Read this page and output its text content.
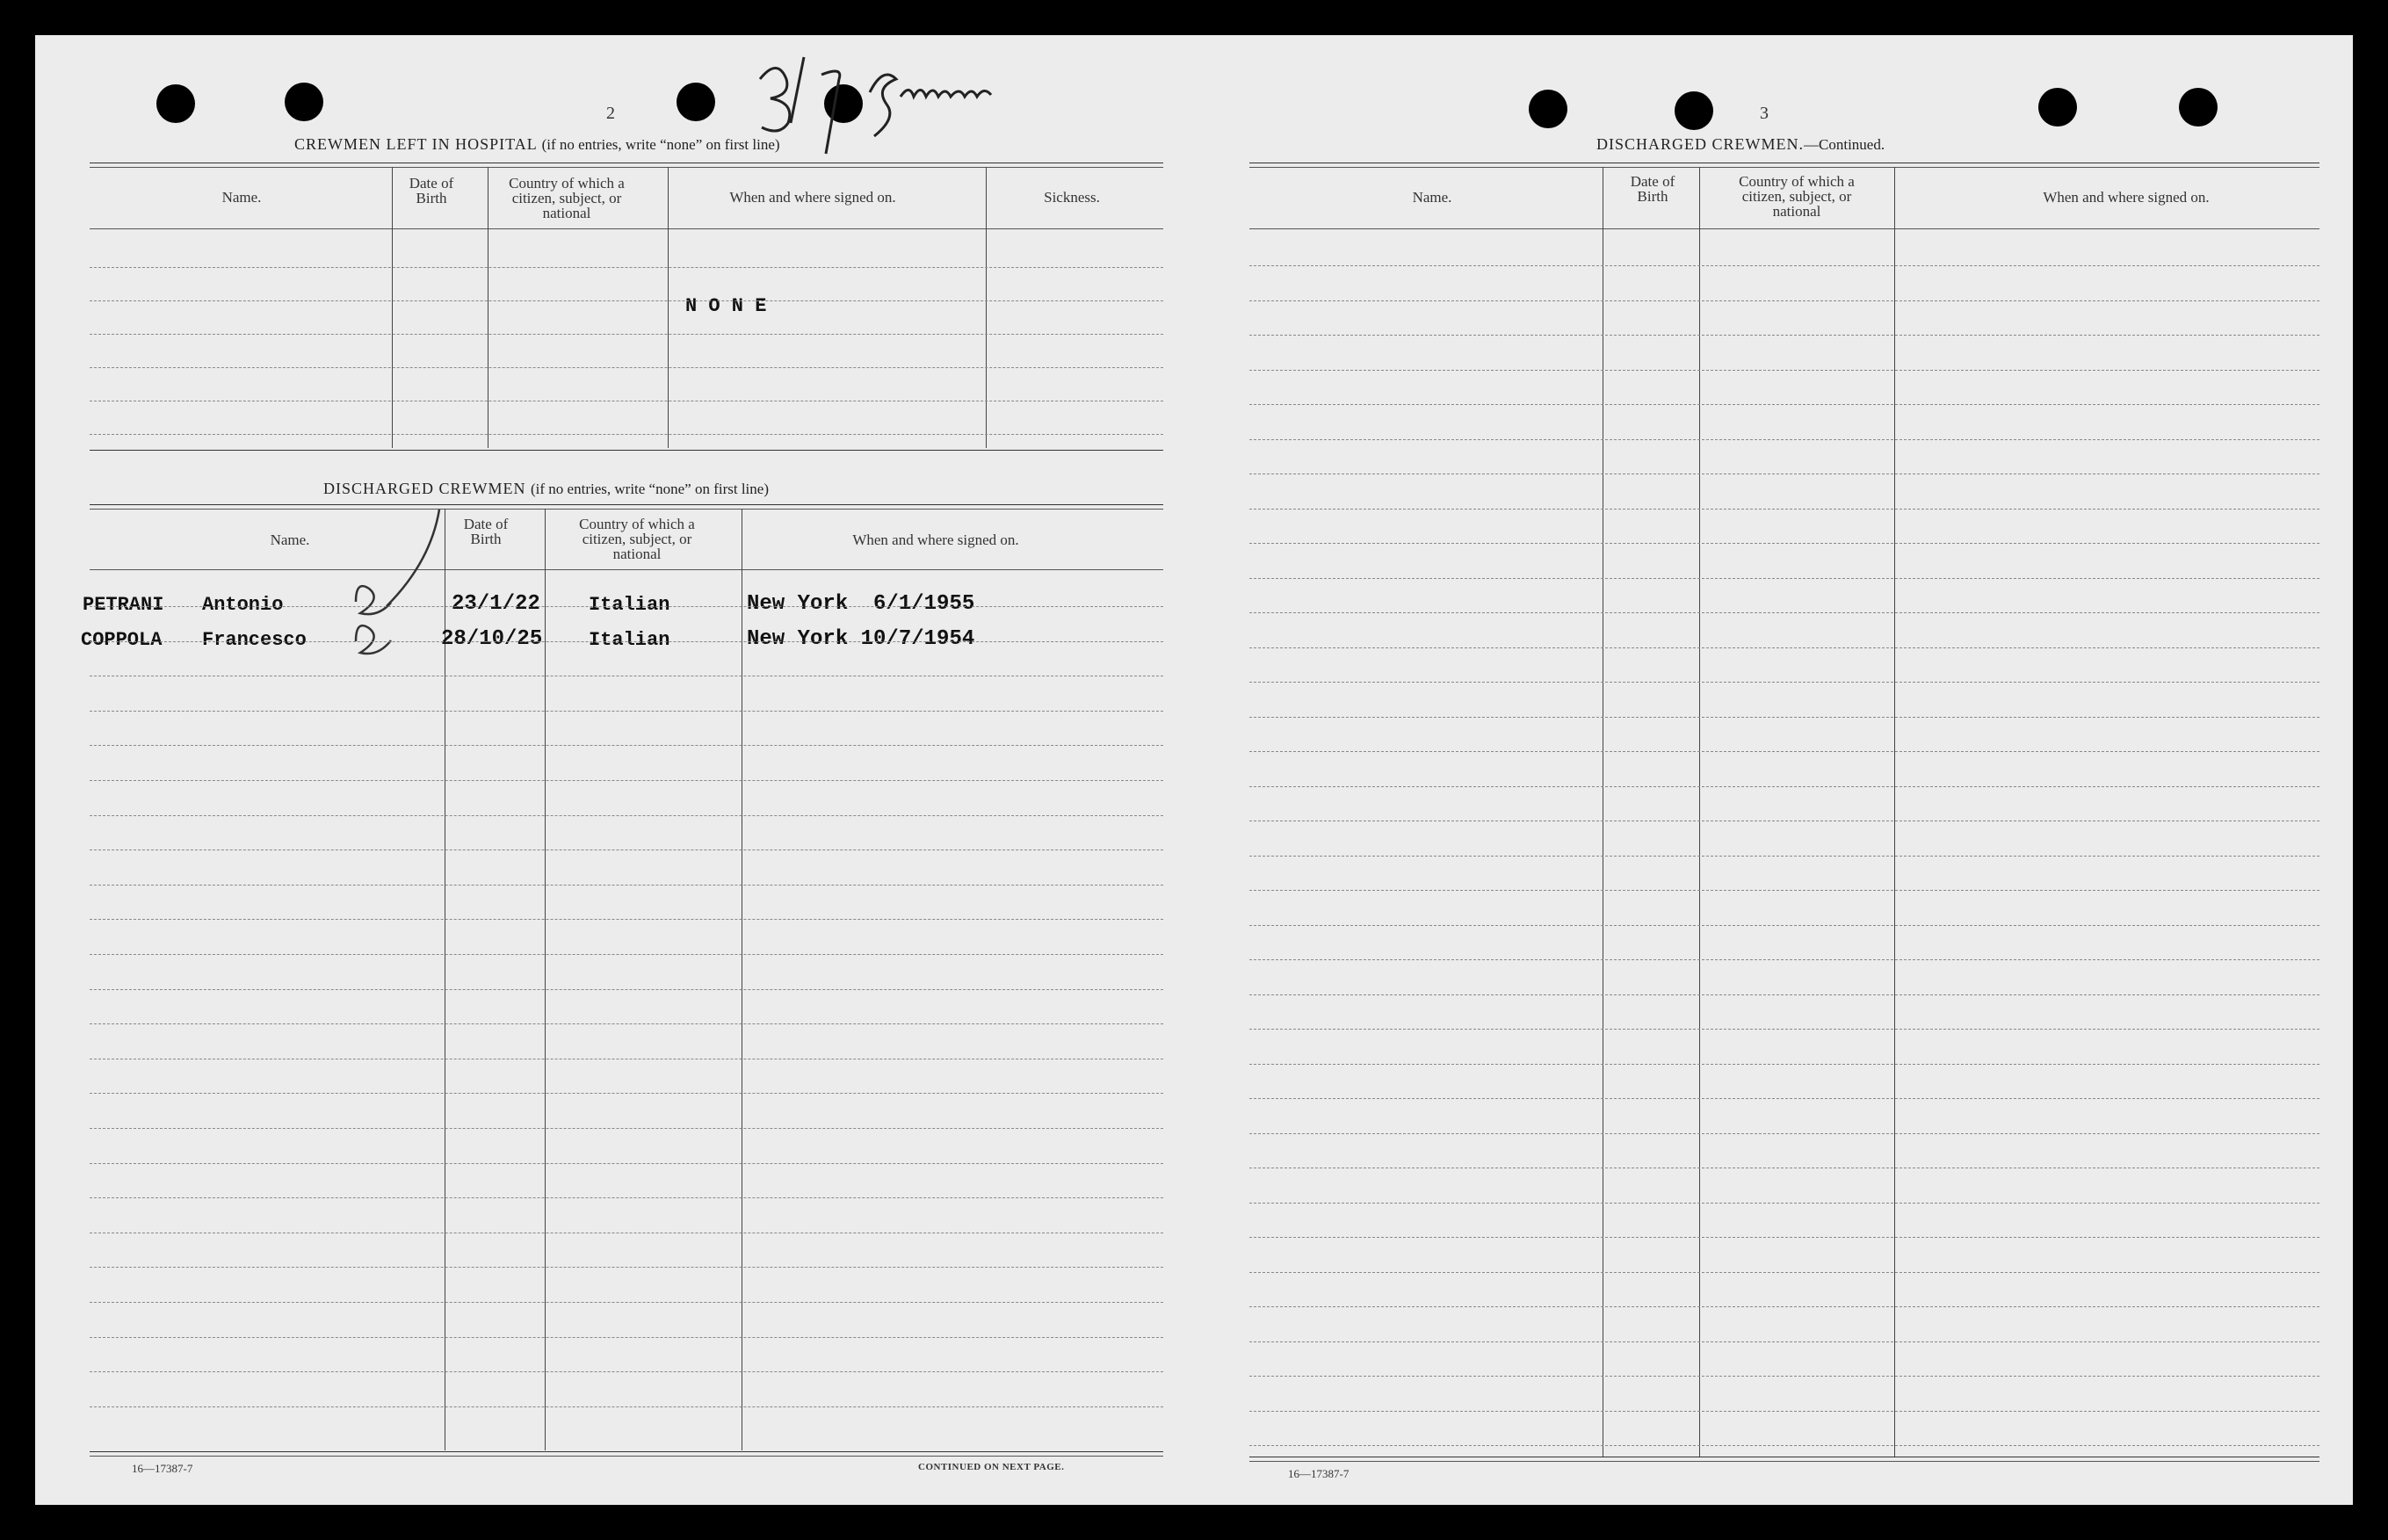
2
CREWMEN LEFT IN HOSPITAL (if no entries, write “none” on first line)
Name.
Date of Birth
Country of which a citizen, subject, or national
When and where signed on.	Sickness.
N O N E
DISCHARGED CREWMEN (if no entries, write “none” on first line)
Name.
Date of Birth
Country of which a citizen, subject, or national
When and where signed on.
PETRANI Antonio	23/1/22	Italian	New York  6/1/1955
COPPOLA Francesco	28/10/25 Italian	New York 10/7/1954
16—17387-7	CONTINUED ON NEXT PAGE.
3
DISCHARGED CREWMEN.—Continued.
Name.
Date of Birth
Country of which a citizen, subject, or national
When and where signed on.
16—17387-7
